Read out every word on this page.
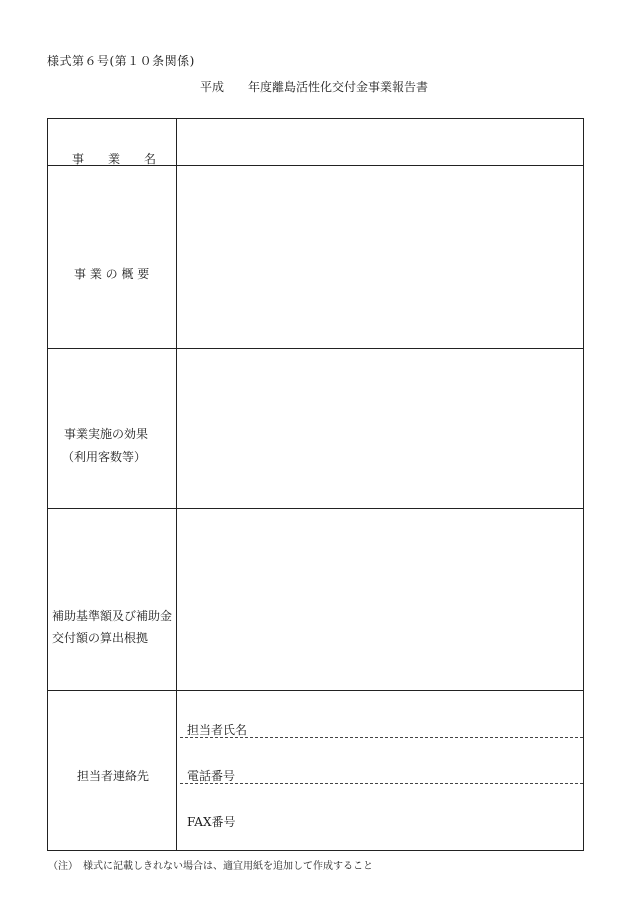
様式第６号(第１０条関係)
平成　　年度離島活性化交付金事業報告書
事　　業　　名
事 業 の 概 要
事業実施の効果
（利用客数等）
補助基準額及び補助金
交付額の算出根拠
担当者連絡先
担当者氏名
電話番号
FAX番号
（注）　様式に記載しきれない場合は、適宜用紙を追加して作成すること
